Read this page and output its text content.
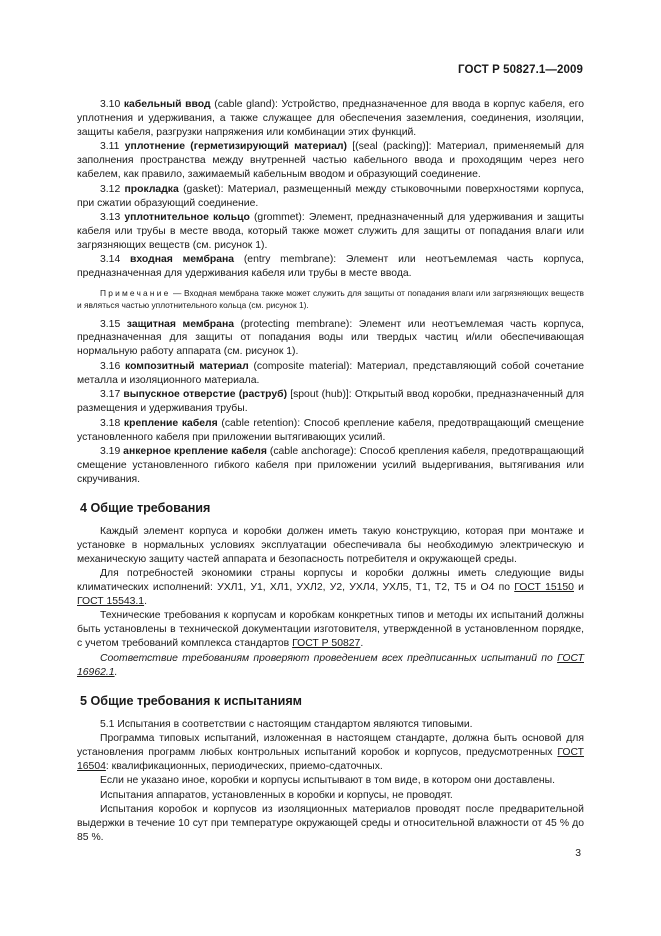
ГОСТ Р 50827.1—2009

3.10 кабельный ввод (cable gland): Устройство, предназначенное для ввода в корпус кабеля, его уплотнения и удерживания, а также служащее для обеспечения заземления, соединения, изоляции, защиты кабеля, разгрузки напряжения или комбинации этих функций.

3.11 уплотнение (герметизирующий материал) [(seal (packing)]: Материал, применяемый для заполнения пространства между внутренней частью кабельного ввода и проходящим через него кабелем, как правило, зажимаемый кабельным вводом и образующий соединение.

3.12 прокладка (gasket): Материал, размещенный между стыковочными поверхностями корпуса, при сжатии образующий соединение.

3.13 уплотнительное кольцо (grommet): Элемент, предназначенный для удерживания и защиты кабеля или трубы в месте ввода, который также может служить для защиты от попадания влаги или загрязняющих веществ (см. рисунок 1).

3.14 входная мембрана (entry membrane): Элемент или неотъемлемая часть корпуса, предназначенная для удерживания кабеля или трубы в месте ввода.

Примечание — Входная мембрана также может служить для защиты от попадания влаги или загрязняющих веществ и являться частью уплотнительного кольца (см. рисунок 1).

3.15 защитная мембрана (protecting membrane): Элемент или неотъемлемая часть корпуса, предназначенная для защиты от попадания воды или твердых частиц и/или обеспечивающая нормальную работу аппарата (см. рисунок 1).

3.16 композитный материал (composite material): Материал, представляющий собой сочетание металла и изоляционного материала.

3.17 выпускное отверстие (раструб) [spout (hub)]: Открытый ввод коробки, предназначенный для размещения и удерживания трубы.

3.18 крепление кабеля (cable retention): Способ крепление кабеля, предотвращающий смещение установленного кабеля при приложении вытягивающих усилий.

3.19 анкерное крепление кабеля (cable anchorage): Способ крепления кабеля, предотвращающий смещение установленного гибкого кабеля при приложении усилий выдергивания, вытягивания или скручивания.

4 Общие требования

Каждый элемент корпуса и коробки должен иметь такую конструкцию, которая при монтаже и установке в нормальных условиях эксплуатации обеспечивала бы необходимую электрическую и механическую защиту частей аппарата и безопасность потребителя и окружающей среды.

Для потребностей экономики страны корпусы и коробки должны иметь следующие виды климатических исполнений: УХЛ1, У1, ХЛ1, УХЛ2, У2, УХЛ4, УХЛ5, Т1, Т2, Т5 и О4 по ГОСТ 15150 и ГОСТ 15543.1.

Технические требования к корпусам и коробкам конкретных типов и методы их испытаний должны быть установлены в технической документации изготовителя, утвержденной в установленном порядке, с учетом требований комплекса стандартов ГОСТ Р 50827.

Соответствие требованиям проверяют проведением всех предписанных испытаний по ГОСТ 16962.1.

5 Общие требования к испытаниям

5.1 Испытания в соответствии с настоящим стандартом являются типовыми.

Программа типовых испытаний, изложенная в настоящем стандарте, должна быть основой для установления программ любых контрольных испытаний коробок и корпусов, предусмотренных ГОСТ 16504: квалификационных, периодических, приемо-сдаточных.

Если не указано иное, коробки и корпусы испытывают в том виде, в котором они доставлены.

Испытания аппаратов, установленных в коробки и корпусы, не проводят.

Испытания коробок и корпусов из изоляционных материалов проводят после предварительной выдержки в течение 10 сут при температуре окружающей среды и относительной влажности от 45 % до 85 %.

3
